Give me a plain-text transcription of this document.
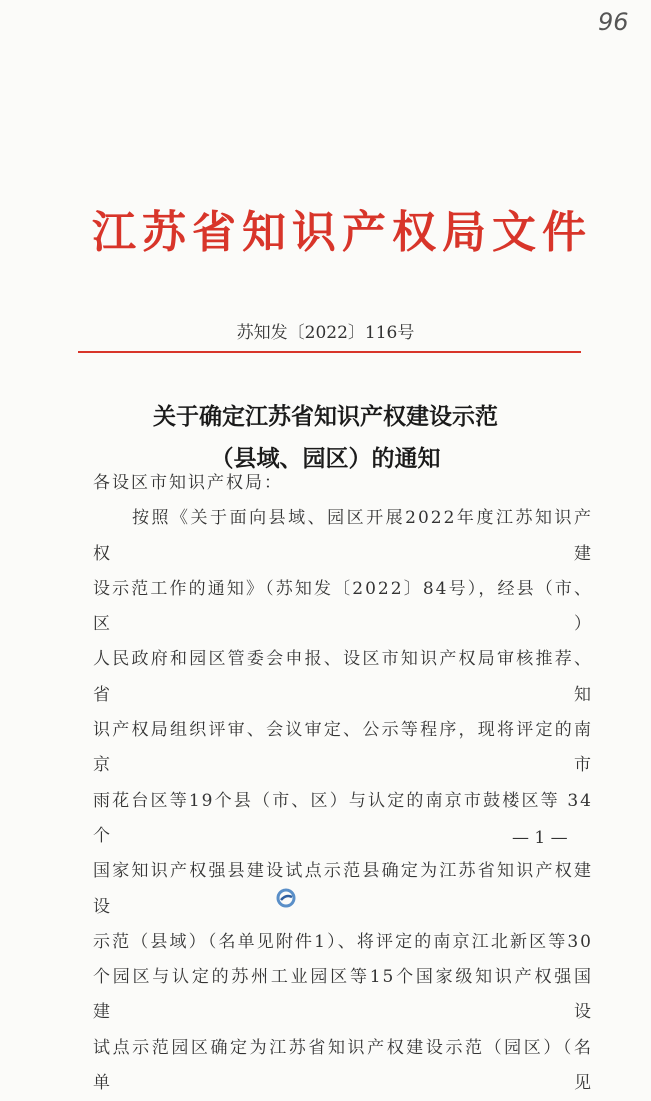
96
江 苏 省 知 识 产 权 局 文 件
苏知发〔2022〕116号
关于确定江苏省知识产权建设示范
（县域、园区）的通知
各设区市知识产权局：
　　按照《关于面向县域、园区开展2022年度江苏知识产权建
设示范工作的通知》（苏知发〔2022〕84号），经县（市、区）
人民政府和园区管委会申报、设区市知识产权局审核推荐、省知
识产权局组织评审、会议审定、公示等程序，现将评定的南京市
雨花台区等19个县（市、区）与认定的南京市鼓楼区等 34个
国家知识产权强县建设试点示范县确定为江苏省知识产权建设
示范（县域）（名单见附件1）、将评定的南京江北新区等30
个园区与认定的苏州工业园区等15个国家级知识产权强国建设
试点示范园区确定为江苏省知识产权建设示范（园区）（名单见
— 1 —
